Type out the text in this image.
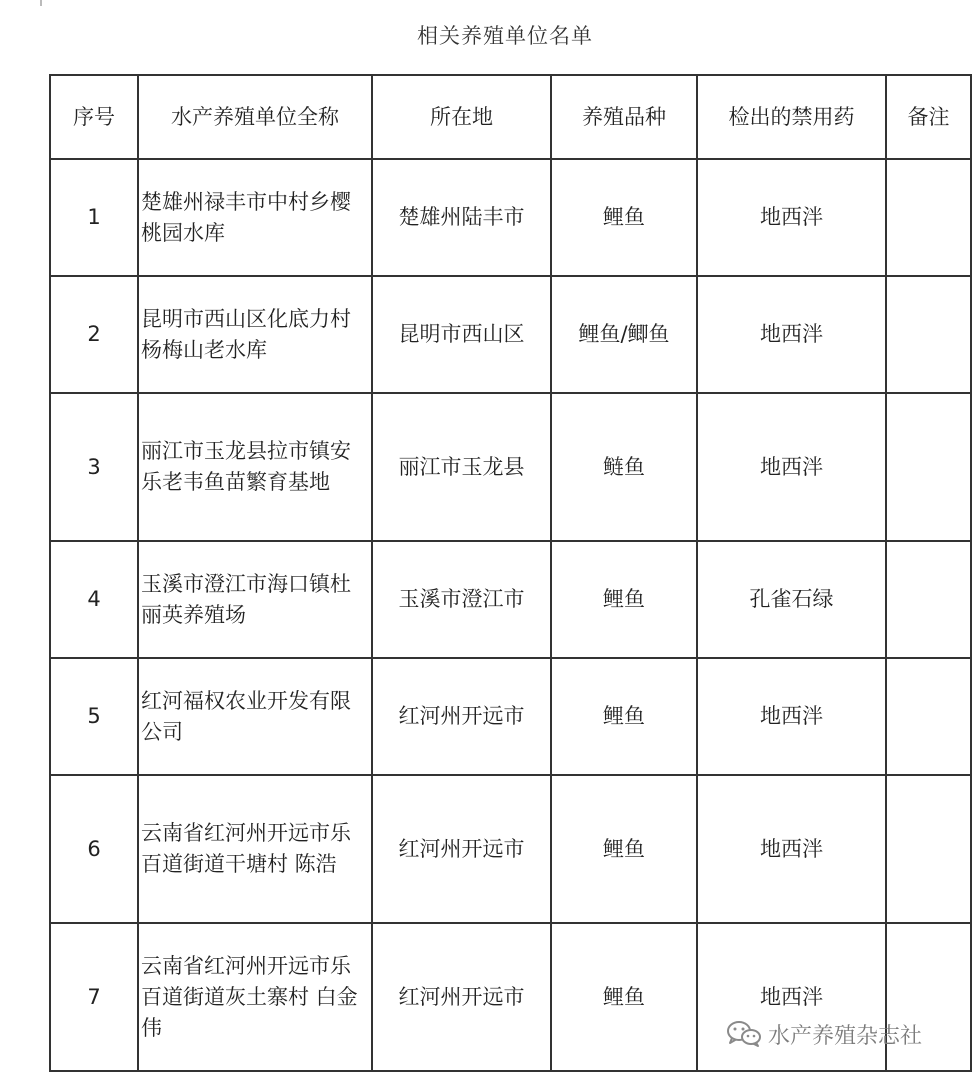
相关养殖单位名单
序号	水产养殖单位全称	所在地	养殖品种	检出的禁用药	备注
1	楚雄州禄丰市中村乡樱桃园水库	楚雄州陆丰市	鲤鱼	地西泮	
2	昆明市西山区化底力村杨梅山老水库	昆明市西山区	鲤鱼/鲫鱼	地西泮	
3	丽江市玉龙县拉市镇安乐老韦鱼苗繁育基地	丽江市玉龙县	鲢鱼	地西泮	
4	玉溪市澄江市海口镇杜丽英养殖场	玉溪市澄江市	鲤鱼	孔雀石绿	
5	红河福权农业开发有限公司	红河州开远市	鲤鱼	地西泮	
6	云南省红河州开远市乐百道街道干塘村 陈浩	红河州开远市	鲤鱼	地西泮	
7	云南省红河州开远市乐百道街道灰土寨村 白金伟	红河州开远市	鲤鱼	地西泮	
水产养殖杂志社
